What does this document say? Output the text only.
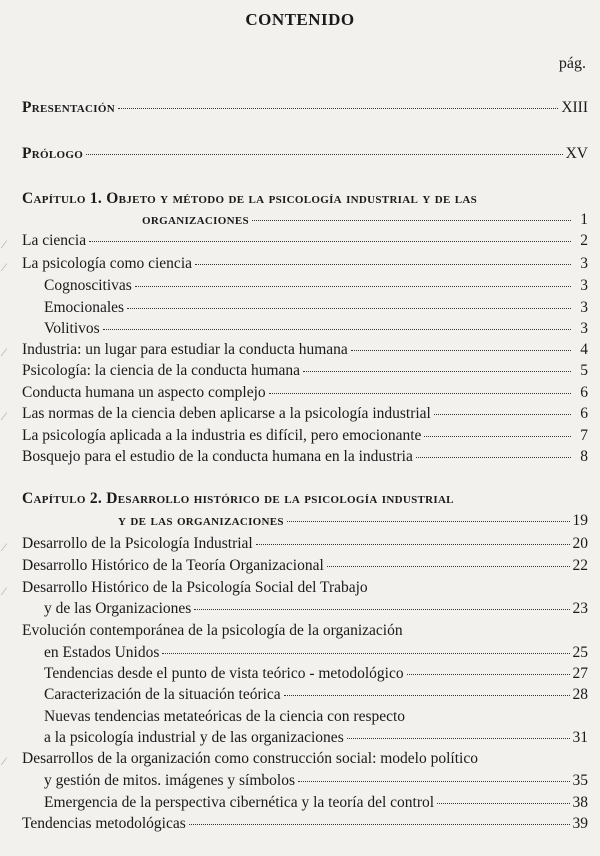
CONTENIDO
pág.
Presentación	XIII
Prólogo	XV
Capítulo 1. Objeto y método de la psicología industrial y de las
organizaciones	1
⁄	La ciencia	2
⁄	La psicología como ciencia	3
Cognoscitivas	3
Emocionales	3
Volitivos	3
⁄	Industria: un lugar para estudiar la conducta humana	4
Psicología: la ciencia de la conducta humana	5
Conducta humana un aspecto complejo	6
⁄	Las normas de la ciencia deben aplicarse a la psicología industrial	6
La psicología aplicada a la industria es difícil, pero emocionante	7
Bosquejo para el estudio de la conducta humana en la industria	8
Capítulo 2. Desarrollo histórico de la psicología industrial
y de las organizaciones	19
⁄	Desarrollo de la Psicología Industrial	20
Desarrollo Histórico de la Teoría Organizacional	22
⁄	Desarrollo Histórico de la Psicología Social del Trabajo
y de las Organizaciones	23
Evolución contemporánea de la psicología de la organización
en Estados Unidos	25
Tendencias desde el punto de vista teórico - metodológico	27
Caracterización de la situación teórica	28
Nuevas tendencias metateóricas de la ciencia con respecto
a la psicología industrial y de las organizaciones	31
⁄	Desarrollos de la organización como construcción social: modelo político
y gestión de mitos. imágenes y símbolos	35
Emergencia de la perspectiva cibernética y la teoría del control	38
Tendencias metodológicas	39
